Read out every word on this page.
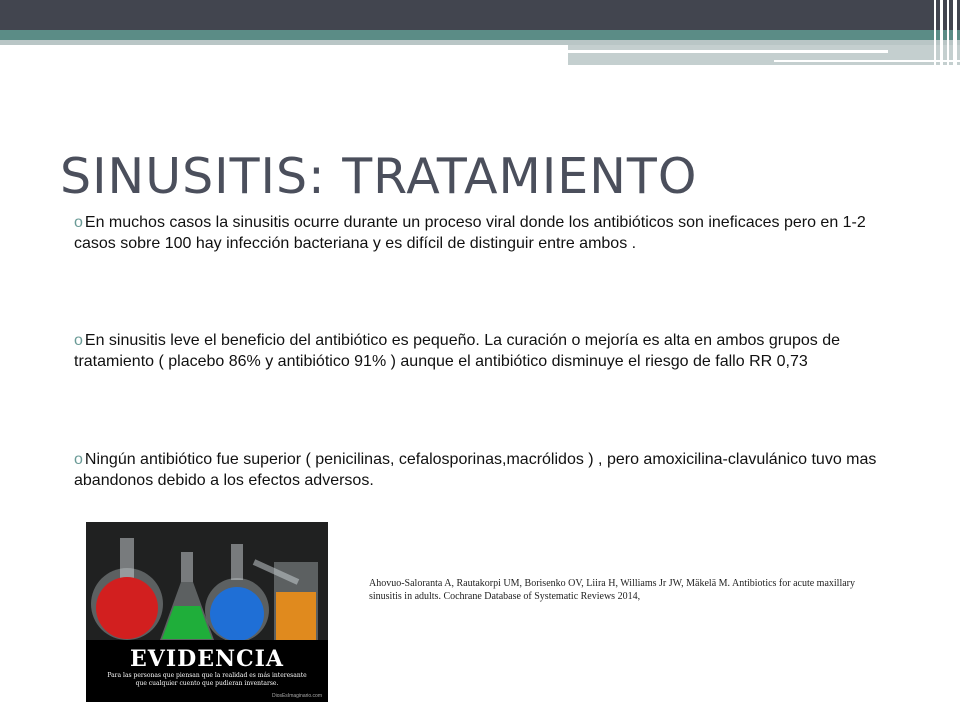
SINUSITIS: TRATAMIENTO
o En muchos casos la sinusitis ocurre durante un proceso viral donde los antibióticos son ineficaces pero en 1-2 casos sobre 100 hay infección bacteriana y es difícil de distinguir entre ambos .
o En sinusitis leve el beneficio del antibiótico es pequeño. La curación o mejoría es alta en ambos grupos de tratamiento ( placebo 86% y antibiótico 91% ) aunque el antibiótico disminuye el riesgo de fallo RR 0,73
o Ningún antibiótico fue superior ( penicilinas, cefalosporinas,macrólidos ) , pero amoxicilina-clavulánico tuvo mas abandonos debido a los efectos adversos.
EVIDENCIA
Para las personas que piensan que la realidad es más interesante que cualquier cuento que pudieran inventarse.
DiosEsImaginario.com
Ahovuo-Saloranta A, Rautakorpi UM, Borisenko OV, Liira H, Williams Jr JW, Mäkelä M. Antibiotics for acute maxillary sinusitis in adults. Cochrane Database of Systematic Reviews 2014,
